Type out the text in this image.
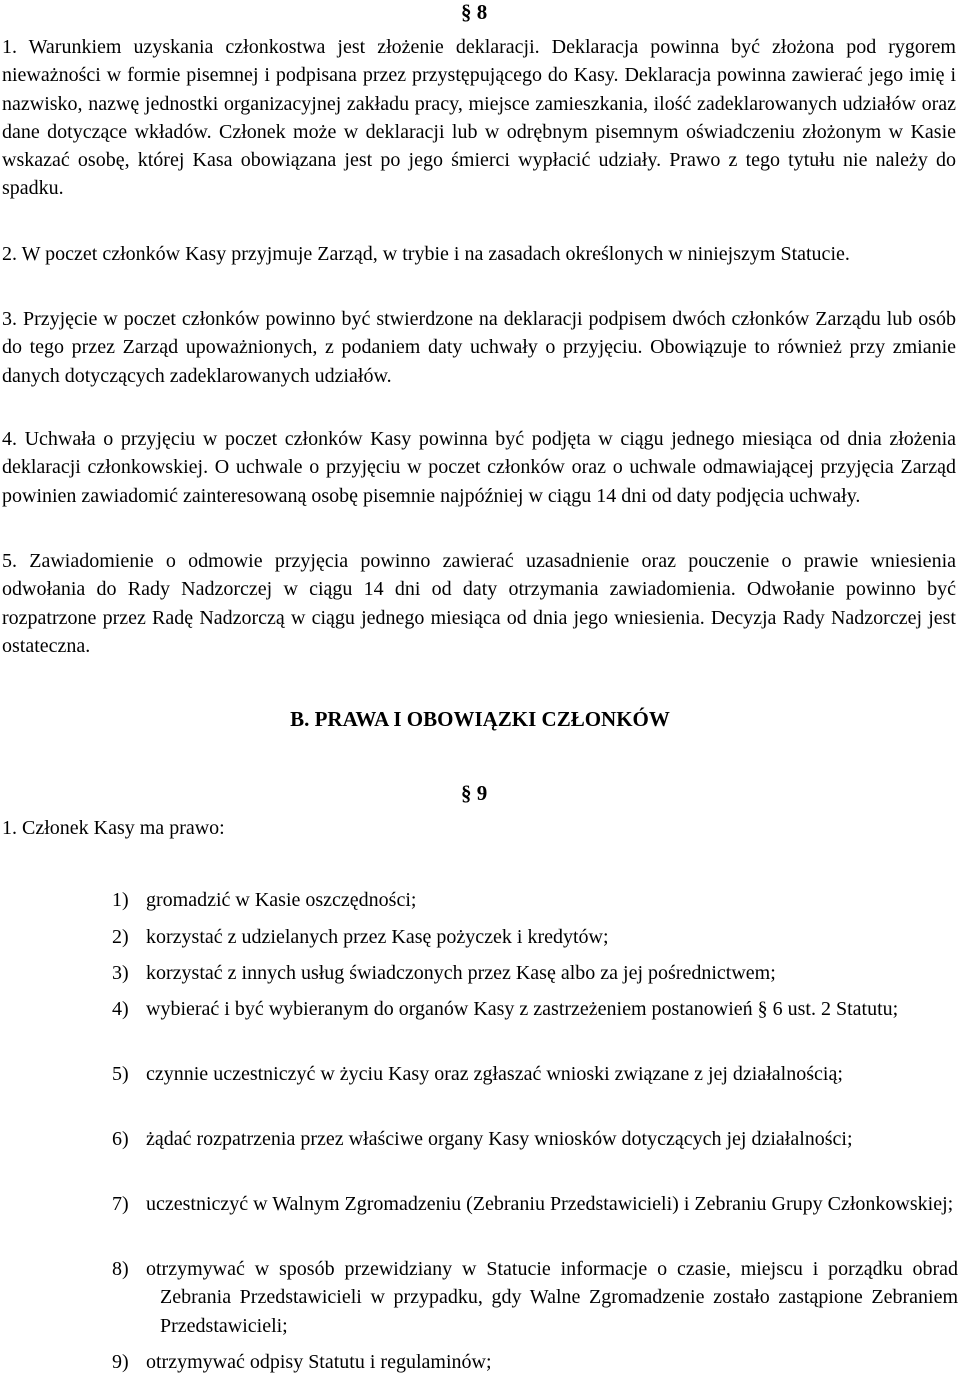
§ 8
1. Warunkiem uzyskania członkostwa jest złożenie deklaracji. Deklaracja powinna być złożona pod rygorem nieważności w formie pisemnej i podpisana przez przystępującego do Kasy. Deklaracja powinna zawierać jego imię i nazwisko, nazwę jednostki organizacyjnej zakładu pracy, miejsce zamieszkania, ilość zadeklarowanych udziałów oraz dane dotyczące wkładów. Członek może w deklaracji lub w odrębnym pisemnym oświadczeniu złożonym w Kasie wskazać osobę, której Kasa obowiązana jest po jego śmierci wypłacić udziały. Prawo z tego tytułu nie należy do spadku.
2. W poczet członków Kasy przyjmuje Zarząd, w trybie i na zasadach określonych w niniejszym Statucie.
3. Przyjęcie w poczet członków powinno być stwierdzone na deklaracji podpisem dwóch członków Zarządu lub osób do tego przez Zarząd upoważnionych, z podaniem daty uchwały o przyjęciu. Obowiązuje to również przy zmianie danych dotyczących zadeklarowanych udziałów.
4. Uchwała o przyjęciu w poczet członków Kasy powinna być podjęta w ciągu jednego miesiąca od dnia złożenia deklaracji członkowskiej. O uchwale o przyjęciu w poczet członków oraz o uchwale odmawiającej przyjęcia Zarząd powinien zawiadomić zainteresowaną osobę pisemnie najpóźniej w ciągu 14 dni od daty podjęcia uchwały.
5. Zawiadomienie o odmowie przyjęcia powinno zawierać uzasadnienie oraz pouczenie o prawie wniesienia odwołania do Rady Nadzorczej w ciągu 14 dni od daty otrzymania zawiadomienia. Odwołanie powinno być rozpatrzone przez Radę Nadzorczą w ciągu jednego miesiąca od dnia jego wniesienia. Decyzja Rady Nadzorczej jest ostateczna.
B. PRAWA I OBOWIĄZKI CZŁONKÓW
§ 9
1. Członek Kasy ma prawo:
1) gromadzić w Kasie oszczędności;
2) korzystać z udzielanych przez Kasę pożyczek i kredytów;
3) korzystać z innych usług świadczonych przez Kasę albo za jej pośrednictwem;
4) wybierać i być wybieranym do organów Kasy z zastrzeżeniem postanowień § 6 ust. 2 Statutu;
5) czynnie uczestniczyć w życiu Kasy oraz zgłaszać wnioski związane z jej działalnością;
6) żądać rozpatrzenia przez właściwe organy Kasy wniosków dotyczących jej działalności;
7) uczestniczyć w Walnym Zgromadzeniu (Zebraniu Przedstawicieli) i Zebraniu Grupy Członkowskiej;
8) otrzymywać w sposób przewidziany w Statucie informacje o czasie, miejscu i porządku obrad Zebrania Przedstawicieli w przypadku, gdy Walne Zgromadzenie zostało zastąpione Zebraniem Przedstawicieli;
9) otrzymywać odpisy Statutu i regulaminów;
